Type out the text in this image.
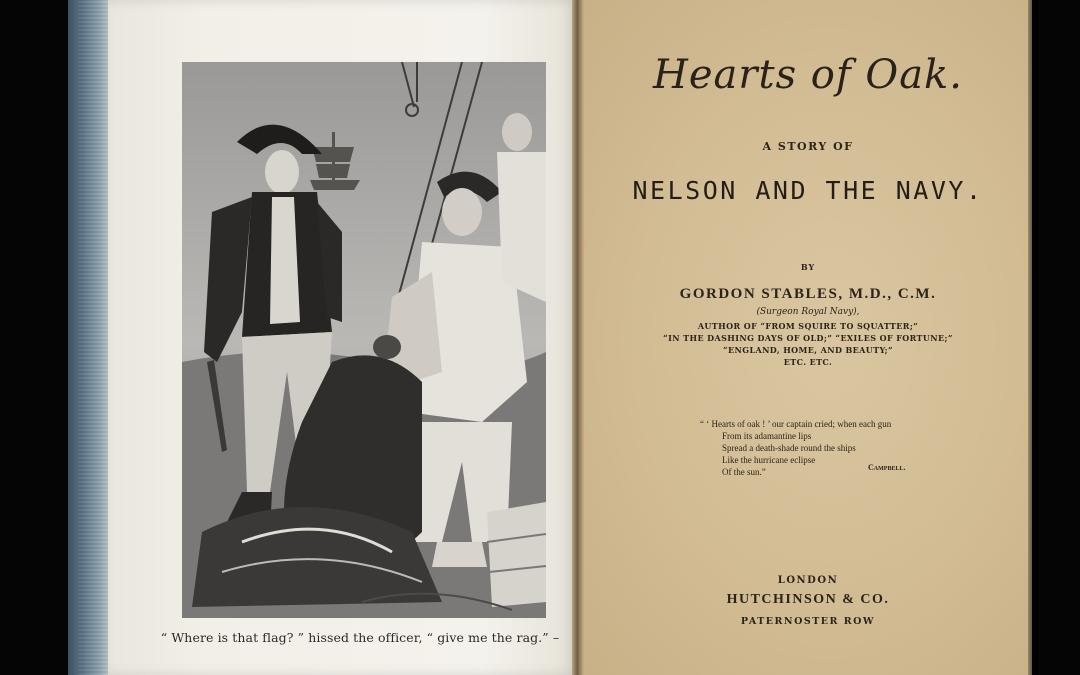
“ Where is that flag? ” hissed the officer, “ give me the rag.” –
Hearts of Oak.
A STORY OF
NELSON AND THE NAVY.
BY
GORDON STABLES, M.D., C.M.
(Surgeon Royal Navy),
AUTHOR OF “FROM SQUIRE TO SQUATTER;”
“IN THE DASHING DAYS OF OLD;” “EXILES OF FORTUNE;”
“ENGLAND, HOME, AND BEAUTY;”
ETC. ETC.
“ ‘ Hearts of oak ! ’ our captain cried; when each gun
From its adamantine lips
Spread a death-shade round the ships
Like the hurricane eclipse
Of the sun.”	Campbell.
LONDON
HUTCHINSON & CO.
PATERNOSTER ROW
